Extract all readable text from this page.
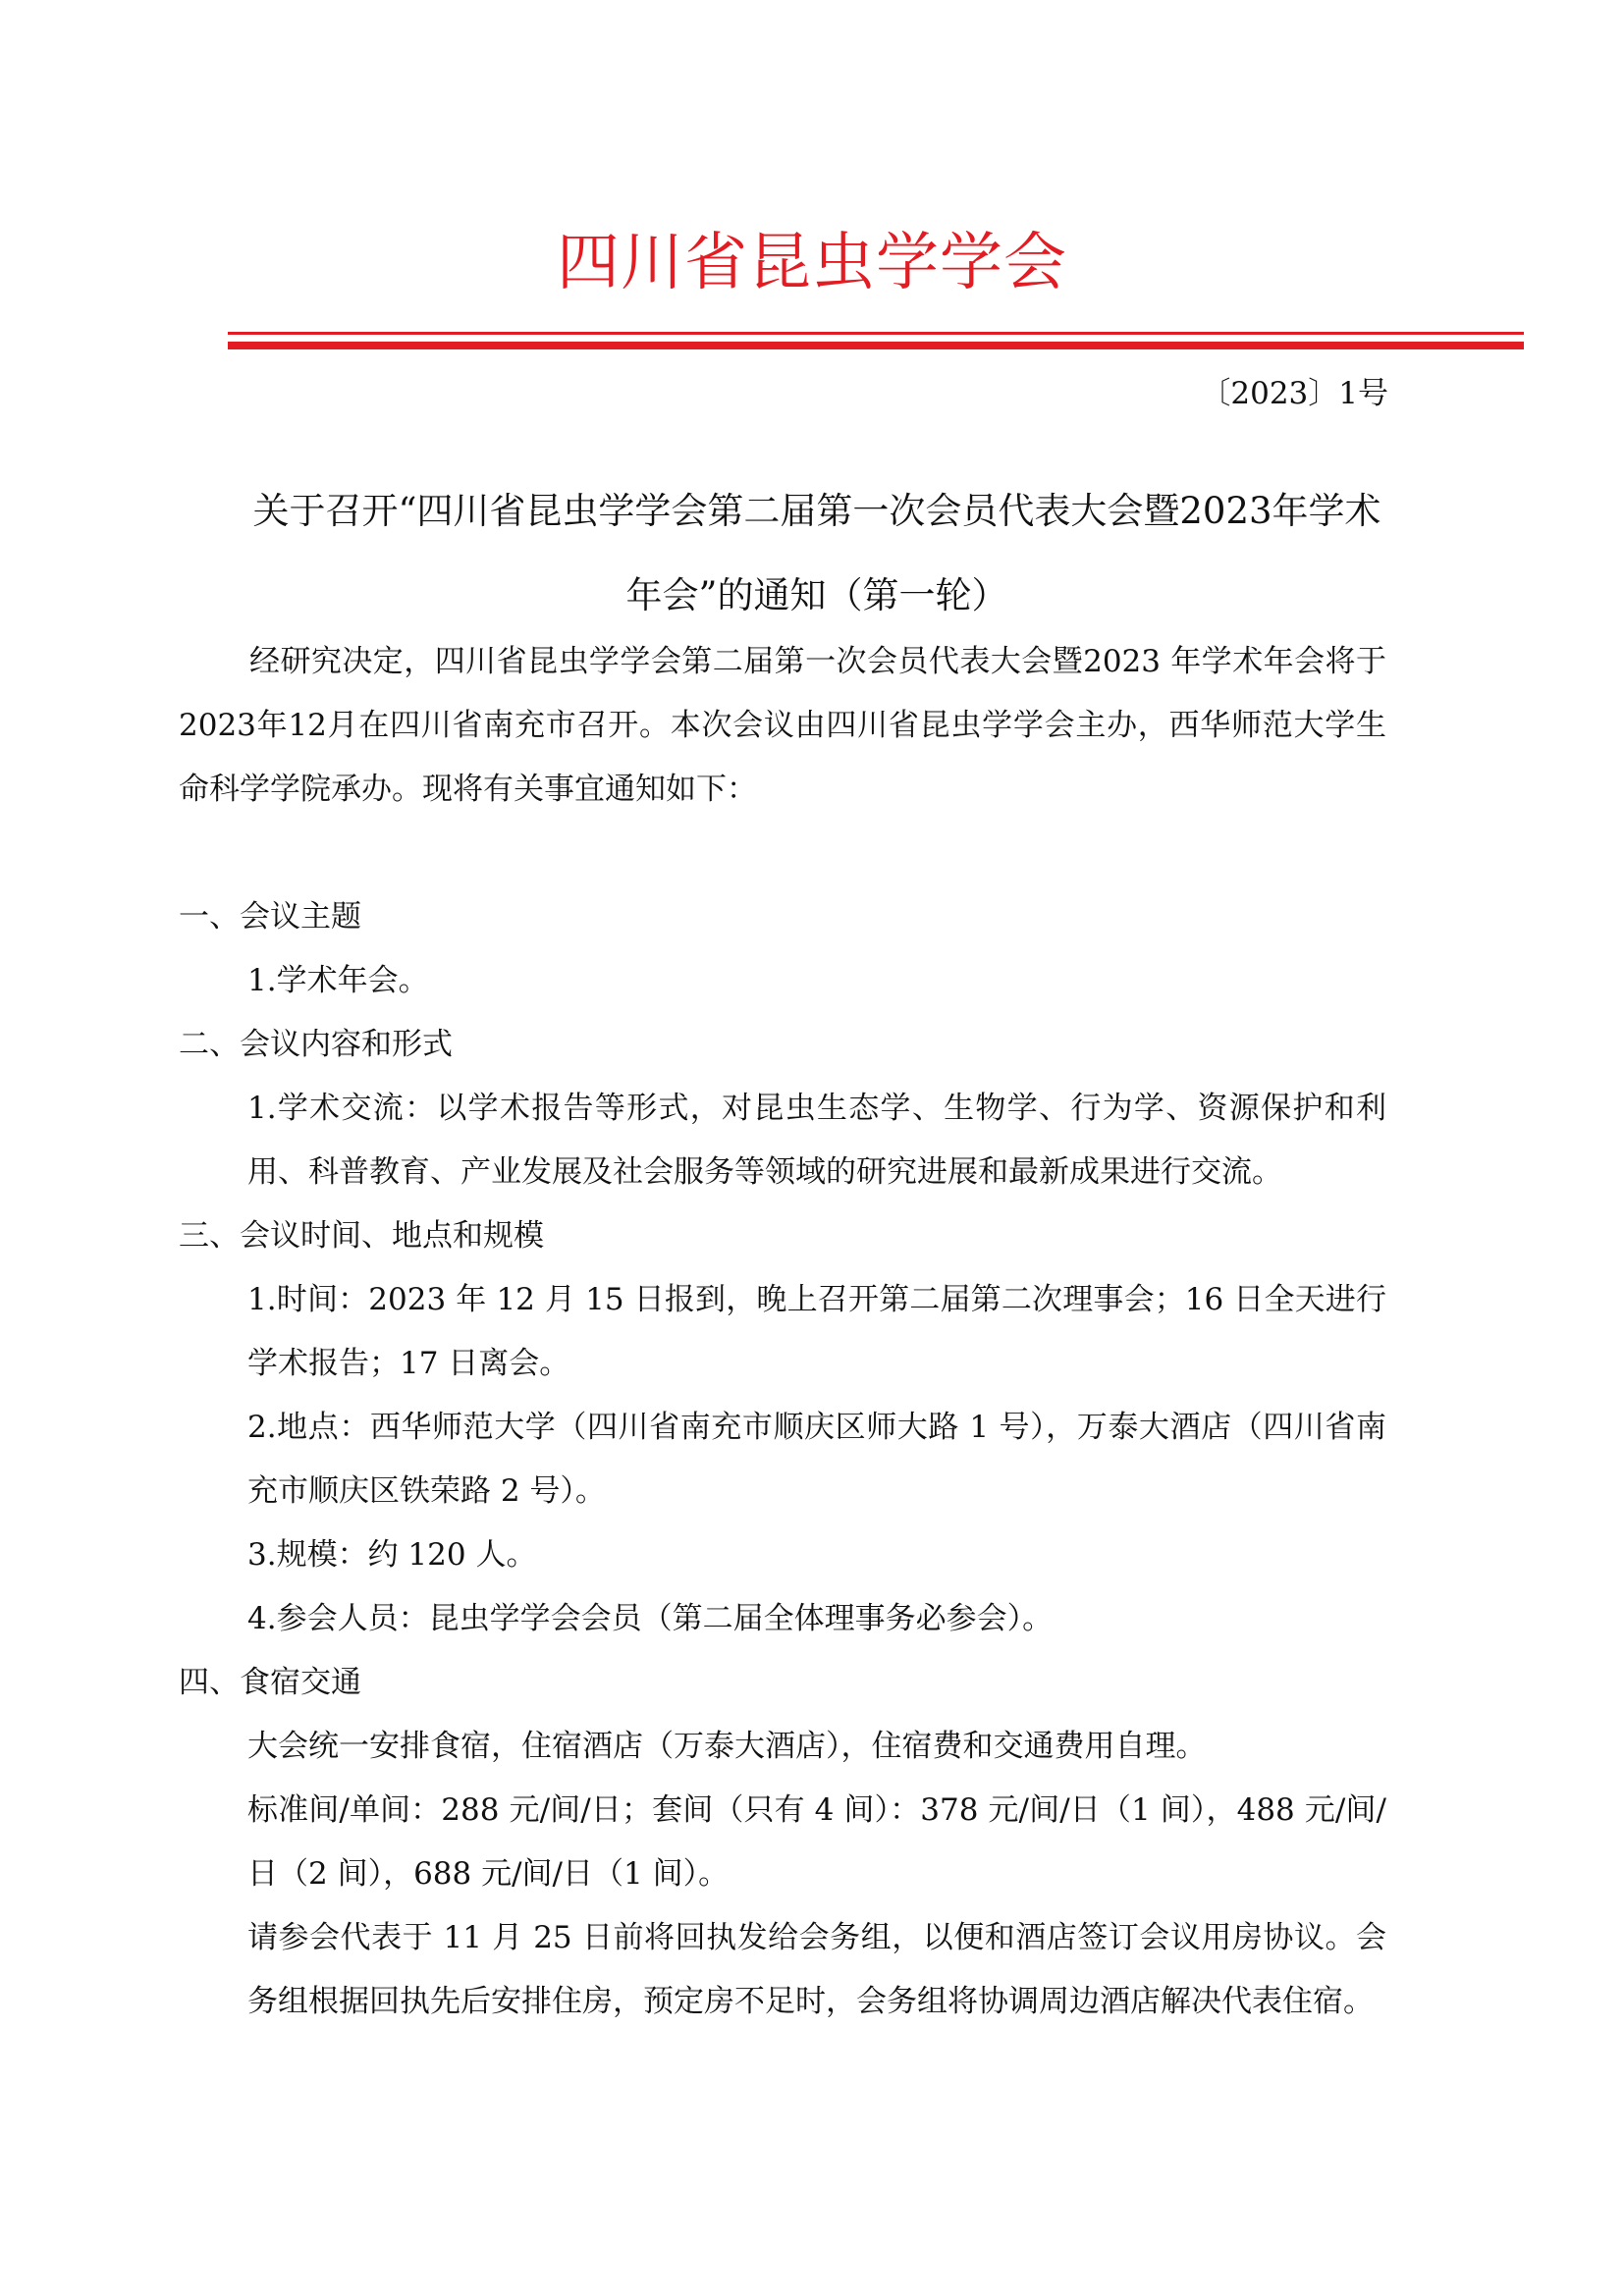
四川省昆虫学学会
〔2023〕1号
关于召开“四川省昆虫学学会第二届第一次会员代表大会暨2023年学术年会”的通知（第一轮）

经研究决定，四川省昆虫学学会第二届第一次会员代表大会暨2023 年学术年会将于2023年12月在四川省南充市召开。本次会议由四川省昆虫学学会主办，西华师范大学生命科学学院承办。现将有关事宜通知如下：

一、会议主题

1.学术年会。

二、会议内容和形式

1.学术交流：以学术报告等形式，对昆虫生态学、生物学、行为学、资源保护和利用、科普教育、产业发展及社会服务等领域的研究进展和最新成果进行交流。

三、会议时间、地点和规模

1.时间：2023 年 12 月 15 日报到，晚上召开第二届第二次理事会；16 日全天进行学术报告；17 日离会。

2.地点：西华师范大学（四川省南充市顺庆区师大路 1 号），万泰大酒店（四川省南充市顺庆区铁荣路 2 号）。

3.规模：约 120 人。

4.参会人员：昆虫学学会会员（第二届全体理事务必参会）。

四、食宿交通

大会统一安排食宿，住宿酒店（万泰大酒店），住宿费和交通费用自理。

标准间/单间：288 元/间/日；套间（只有 4 间）：378 元/间/日（1 间），488 元/间/日（2 间），688 元/间/日（1 间）。

请参会代表于 11 月 25 日前将回执发给会务组，以便和酒店签订会议用房协议。会务组根据回执先后安排住房，预定房不足时，会务组将协调周边酒店解决代表住宿。
